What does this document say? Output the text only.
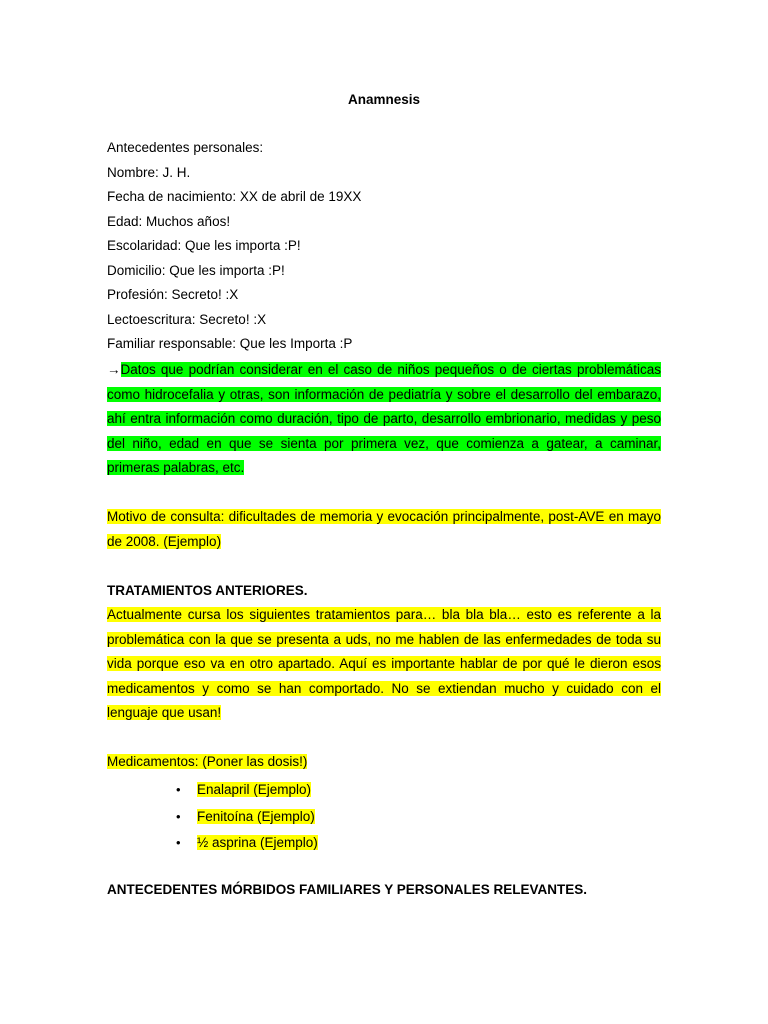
Anamnesis
Antecedentes personales:
Nombre: J. H.
Fecha de nacimiento: XX de abril de 19XX
Edad: Muchos años!
Escolaridad: Que les importa :P!
Domicilio: Que les importa :P!
Profesión: Secreto! :X
Lectoescritura: Secreto! :X
Familiar responsable: Que les Importa :P
→Datos que podrían considerar en el caso de niños pequeños o de ciertas problemáticas como hidrocefalia y otras, son información de pediatría y sobre el desarrollo del embarazo, ahí entra información como duración, tipo de parto, desarrollo embrionario, medidas y peso del niño, edad en que se sienta por primera vez, que comienza a gatear, a caminar, primeras palabras, etc.
Motivo de consulta: dificultades de memoria y evocación principalmente, post-AVE en mayo de 2008. (Ejemplo)
TRATAMIENTOS ANTERIORES.
Actualmente cursa los siguientes tratamientos para… bla bla bla… esto es referente a la problemática con la que se presenta a uds, no me hablen de las enfermedades de toda su vida porque eso va en otro apartado. Aquí es importante hablar de por qué le dieron esos medicamentos y como se han comportado. No se extiendan mucho y cuidado con el lenguaje que usan!
Medicamentos: (Poner las dosis!)
• Enalapril (Ejemplo)
• Fenitoína (Ejemplo)
• ½ asprina (Ejemplo)
ANTECEDENTES MÓRBIDOS FAMILIARES Y PERSONALES RELEVANTES.
